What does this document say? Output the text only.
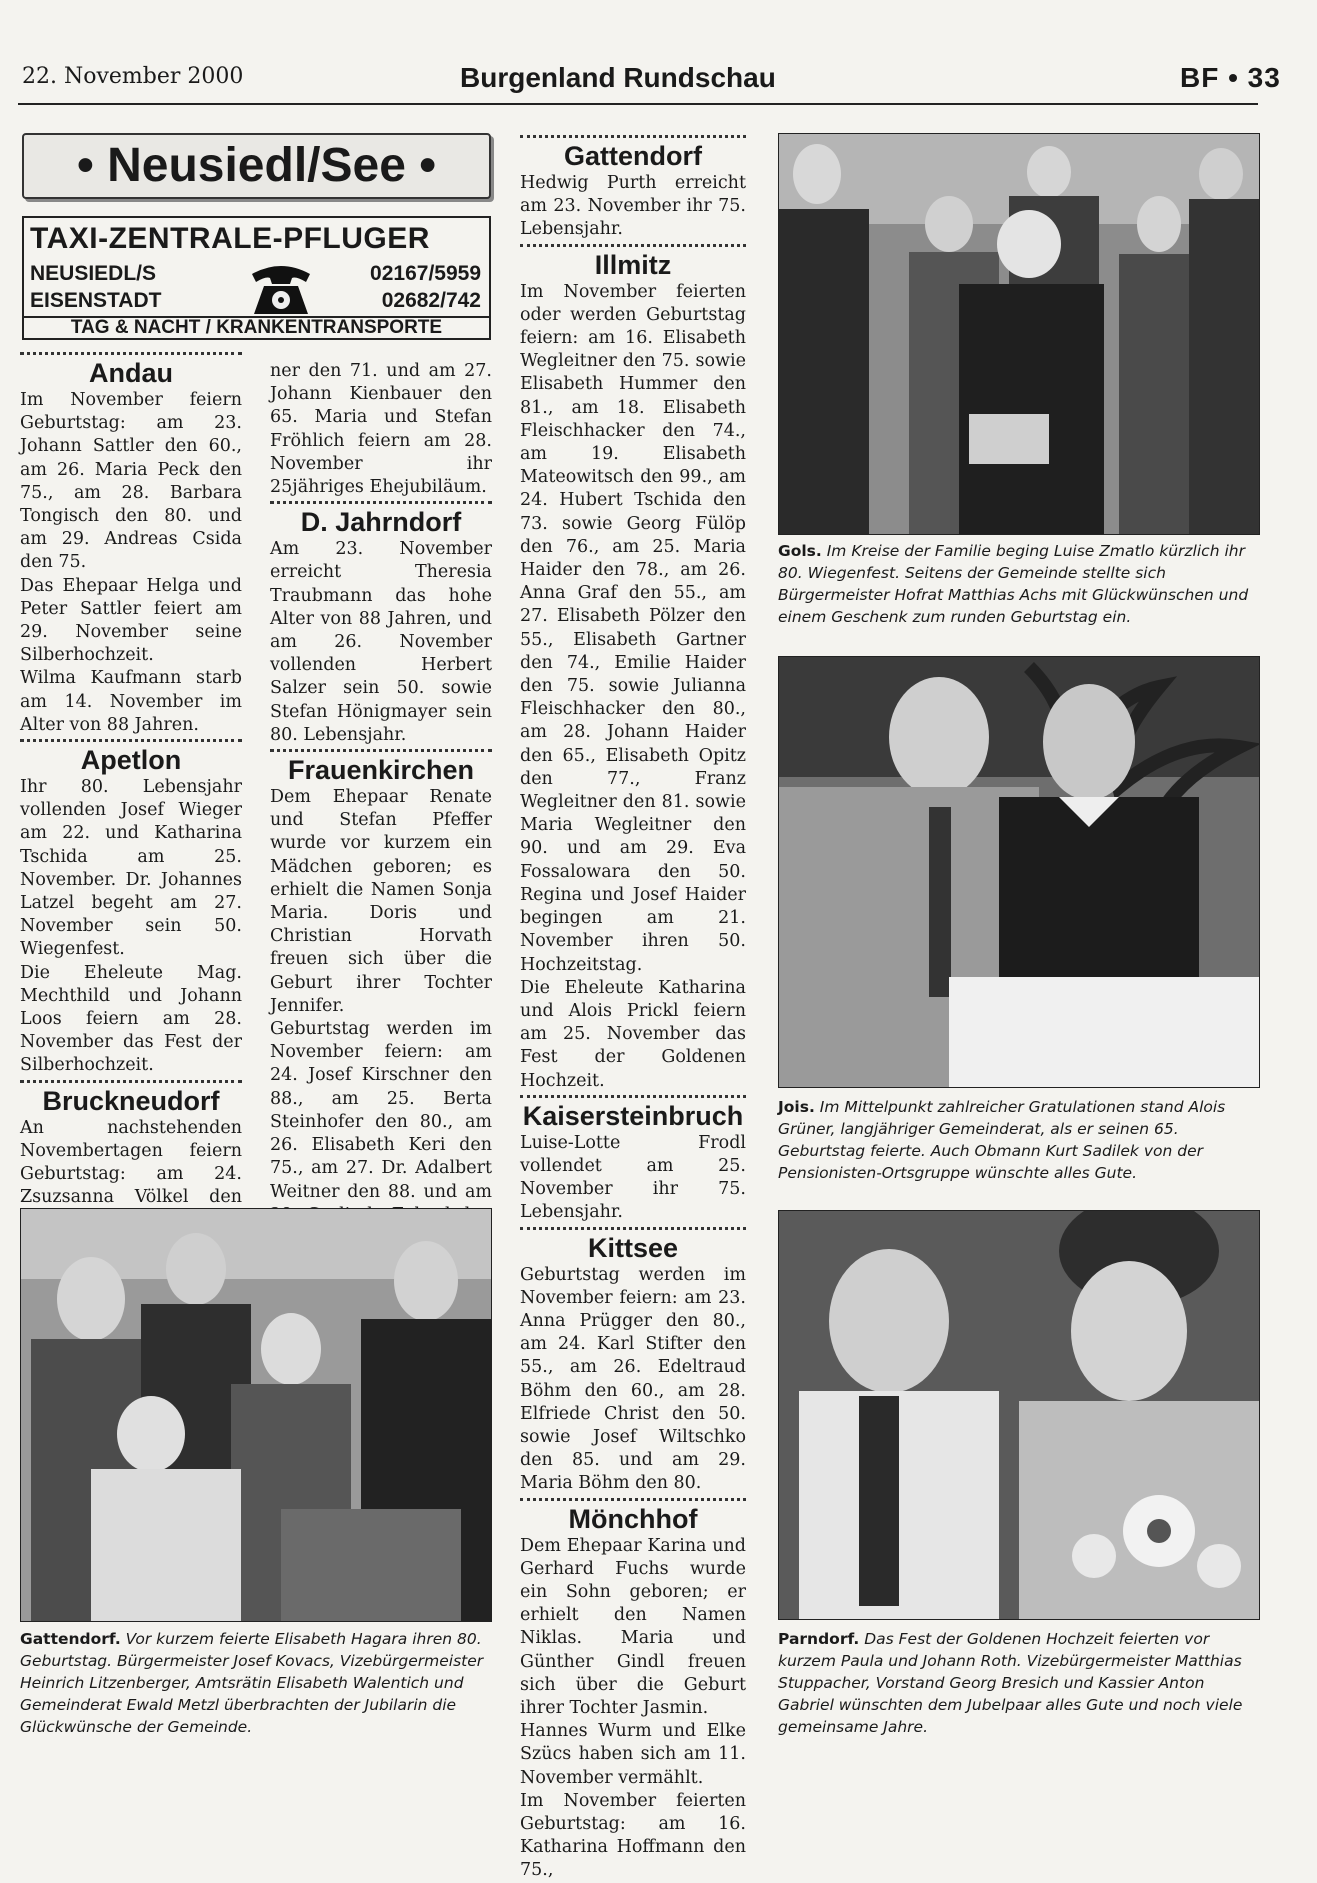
22. November 2000	Burgenland Rundschau	BF • 33
• Neusiedl/See •
TAXI-ZENTRALE-PFLUGER
NEUSIEDL/S
EISENSTADT
02167/5959
02682/742
TAG & NACHT / KRANKENTRANSPORTE
Andau

Im November feiern Geburtstag: am 23. Johann Sattler den 60., am 26. Maria Peck den 75., am 28. Barbara Tongisch den 80. und am 29. Andreas Csida den 75.

Das Ehepaar Helga und Peter Sattler feiert am 29. November seine Silberhochzeit.

Wilma Kaufmann starb am 14. November im Alter von 88 Jahren.

Apetlon

Ihr 80. Lebensjahr vollenden Josef Wieger am 22. und Katharina Tschida am 25. November. Dr. Johannes Latzel begeht am 27. November sein 50. Wiegenfest.

Die Eheleute Mag. Mechthild und Johann Loos feiern am 28. November das Fest der Silberhochzeit.

Bruckneudorf

An nachstehenden Novembertagen feiern Geburtstag: am 24. Zsuzsanna Völkel den

ner den 71. und am 27. Johann Kienbauer den 65. Maria und Stefan Fröhlich feiern am 28. November ihr 25jähriges Ehejubiläum.

D. Jahrndorf

Am 23. November erreicht Theresia Traubmann das hohe Alter von 88 Jahren, und am 26. November vollenden Herbert Salzer sein 50. sowie Stefan Hönigmayer sein 80. Lebensjahr.

Frauenkirchen

Dem Ehepaar Renate und Stefan Pfeffer wurde vor kurzem ein Mädchen geboren; es erhielt die Namen Sonja Maria. Doris und Christian Horvath freuen sich über die Geburt ihrer Tochter Jennifer.

Geburtstag werden im November feiern: am 24. Josef Kirschner den 88., am 25. Berta Steinhofer den 80., am 26. Elisabeth Keri den 75., am 27. Dr. Adalbert Weitner den 88. und am

Gattendorf

Hedwig Purth erreicht am 23. November ihr 75. Lebensjahr.

Illmitz

Im November feierten oder werden Geburtstag feiern: am 16. Elisabeth Wegleitner den 75. sowie Elisabeth Hummer den 81., am 18. Elisabeth Fleischhacker den 74., am 19. Elisabeth Mateowitsch den 99., am 24. Hubert Tschida den 73. sowie Georg Fülöp den 76., am 25. Maria Haider den 78., am 26. Anna Graf den 55., am 27. Elisabeth Pölzer den 55., Elisabeth Gartner den 74., Emilie Haider den 75. sowie Julianna Fleischhacker den 80., am 28. Johann Haider den 65., Elisabeth Opitz den 77., Franz Wegleitner den 81. sowie Maria Wegleitner den 90. und am 29. Eva Fossalowara den 50. Regina und Josef Haider begingen am 21. November ihren 50. Hochzeitstag.

Die Eheleute Katharina und Alois Prickl feiern am 25. November das Fest der Goldenen Hochzeit.

Kaisersteinbruch

Luise-Lotte Frodl vollendet am 25. November ihr 75. Lebensjahr.

Kittsee

Geburtstag werden im November feiern: am 23. Anna Prügger den 80., am 24. Karl Stifter den 55., am 26. Edeltraud Böhm den 60., am 28. Elfriede Christ den 50. sowie Josef Wiltschko den 85. und am 29. Maria Böhm den 80.

Mönchhof

Dem Ehepaar Karina und Gerhard Fuchs wurde ein Sohn geboren; er erhielt den Namen Niklas. Maria und Günther Gindl freuen sich über die Geburt ihrer Tochter Jasmin.

Hannes Wurm und Elke Szücs haben sich am 11. November vermählt.

Im November feierten Geburtstag: am 16. Katharina Hoffmann den 75.,

Gols. Im Kreise der Familie beging Luise Zmatlo kürzlich ihr 80. Wiegenfest. Seitens der Gemeinde stellte sich Bürgermeister Hofrat Matthias Achs mit Glückwünschen und einem Geschenk zum runden Geburtstag ein.
Jois. Im Mittelpunkt zahlreicher Gratulationen stand Alois Grüner, langjähriger Gemeinderat, als er seinen 65. Geburtstag feierte. Auch Obmann Kurt Sadilek von der Pensionisten-Ortsgruppe wünschte alles Gute.
Gattendorf. Vor kurzem feierte Elisabeth Hagara ihren 80. Geburtstag. Bürgermeister Josef Kovacs, Vizebürgermeister Heinrich Litzenberger, Amtsrätin Elisabeth Walentich und Gemeinderat Ewald Metzl überbrachten der Jubilarin die Glückwünsche der Gemeinde.
Parndorf. Das Fest der Goldenen Hochzeit feierten vor kurzem Paula und Johann Roth. Vizebürgermeister Matthias Stuppacher, Vorstand Georg Bresich und Kassier Anton Gabriel wünschten dem Jubelpaar alles Gute und noch viele gemeinsame Jahre.
